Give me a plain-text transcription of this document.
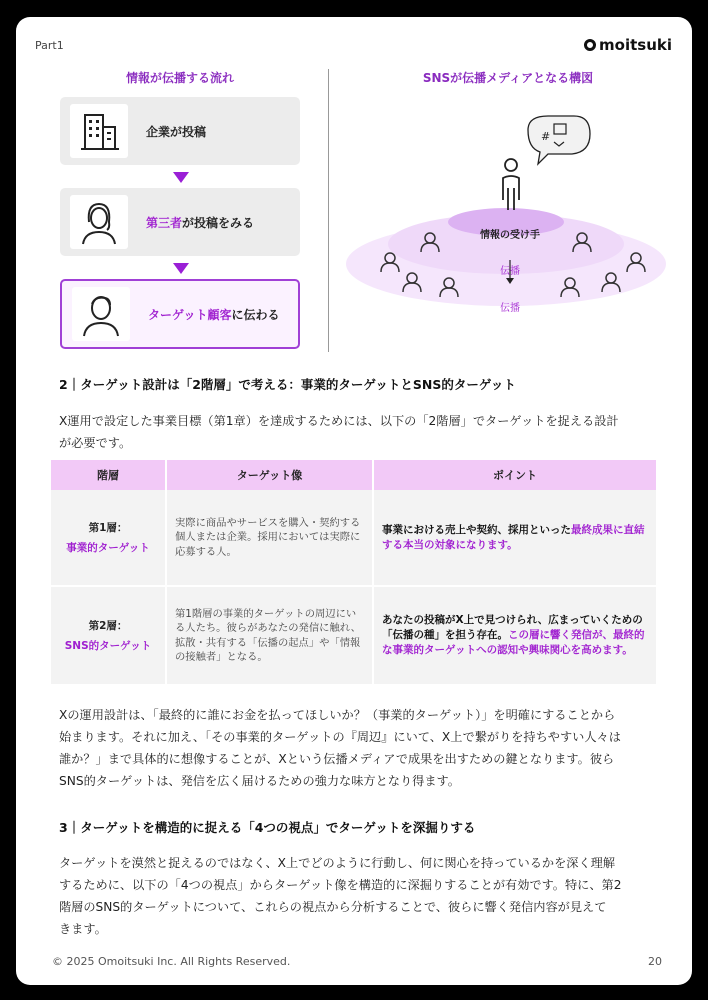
Part1	moitsuki
情報が伝播する流れ
企業が投稿
第三者が投稿をみる
ターゲット顧客に伝わる
SNSが伝播メディアとなる構図
#
情報の受け手
伝播
伝播
2｜ターゲット設計は「2階層」で考える：事業的ターゲットとSNS的ターゲット
X運用で設定した事業目標（第1章）を達成するためには、以下の「2階層」でターゲットを捉える設計
が必要です。
階層	ターゲット像	ポイント

第1層：
事業的ターゲット	実際に商品やサービスを購入・契約する個人または企業。採用においては実際に応募する人。	事業における売上や契約、採用といった最終成果に直結する本当の対象になります。

第2層：
SNS的ターゲット	第1階層の事業的ターゲットの周辺にいる人たち。彼らがあなたの発信に触れ、拡散・共有する「伝播の起点」や「情報の接触者」となる。	あなたの投稿がX上で見つけられ、広まっていくための「伝播の種」を担う存在。この層に響く発信が、最終的な事業的ターゲットへの認知や興味関心を高めます。
Xの運用設計は、「最終的に誰にお金を払ってほしいか？（事業的ターゲット）」を明確にすることから
始まります。それに加え、「その事業的ターゲットの『周辺』にいて、X上で繋がりを持ちやすい人々は
誰か？」まで具体的に想像することが、Xという伝播メディアで成果を出すための鍵となります。彼ら
SNS的ターゲットは、発信を広く届けるための強力な味方となり得ます。
3｜ターゲットを構造的に捉える「4つの視点」でターゲットを深掘りする
ターゲットを漠然と捉えるのではなく、X上でどのように行動し、何に関心を持っているかを深く理解
するために、以下の「4つの視点」からターゲット像を構造的に深掘りすることが有効です。特に、第2
階層のSNS的ターゲットについて、これらの視点から分析することで、彼らに響く発信内容が見えて
きます。
© 2025 Omoitsuki Inc. All Rights Reserved.	20
